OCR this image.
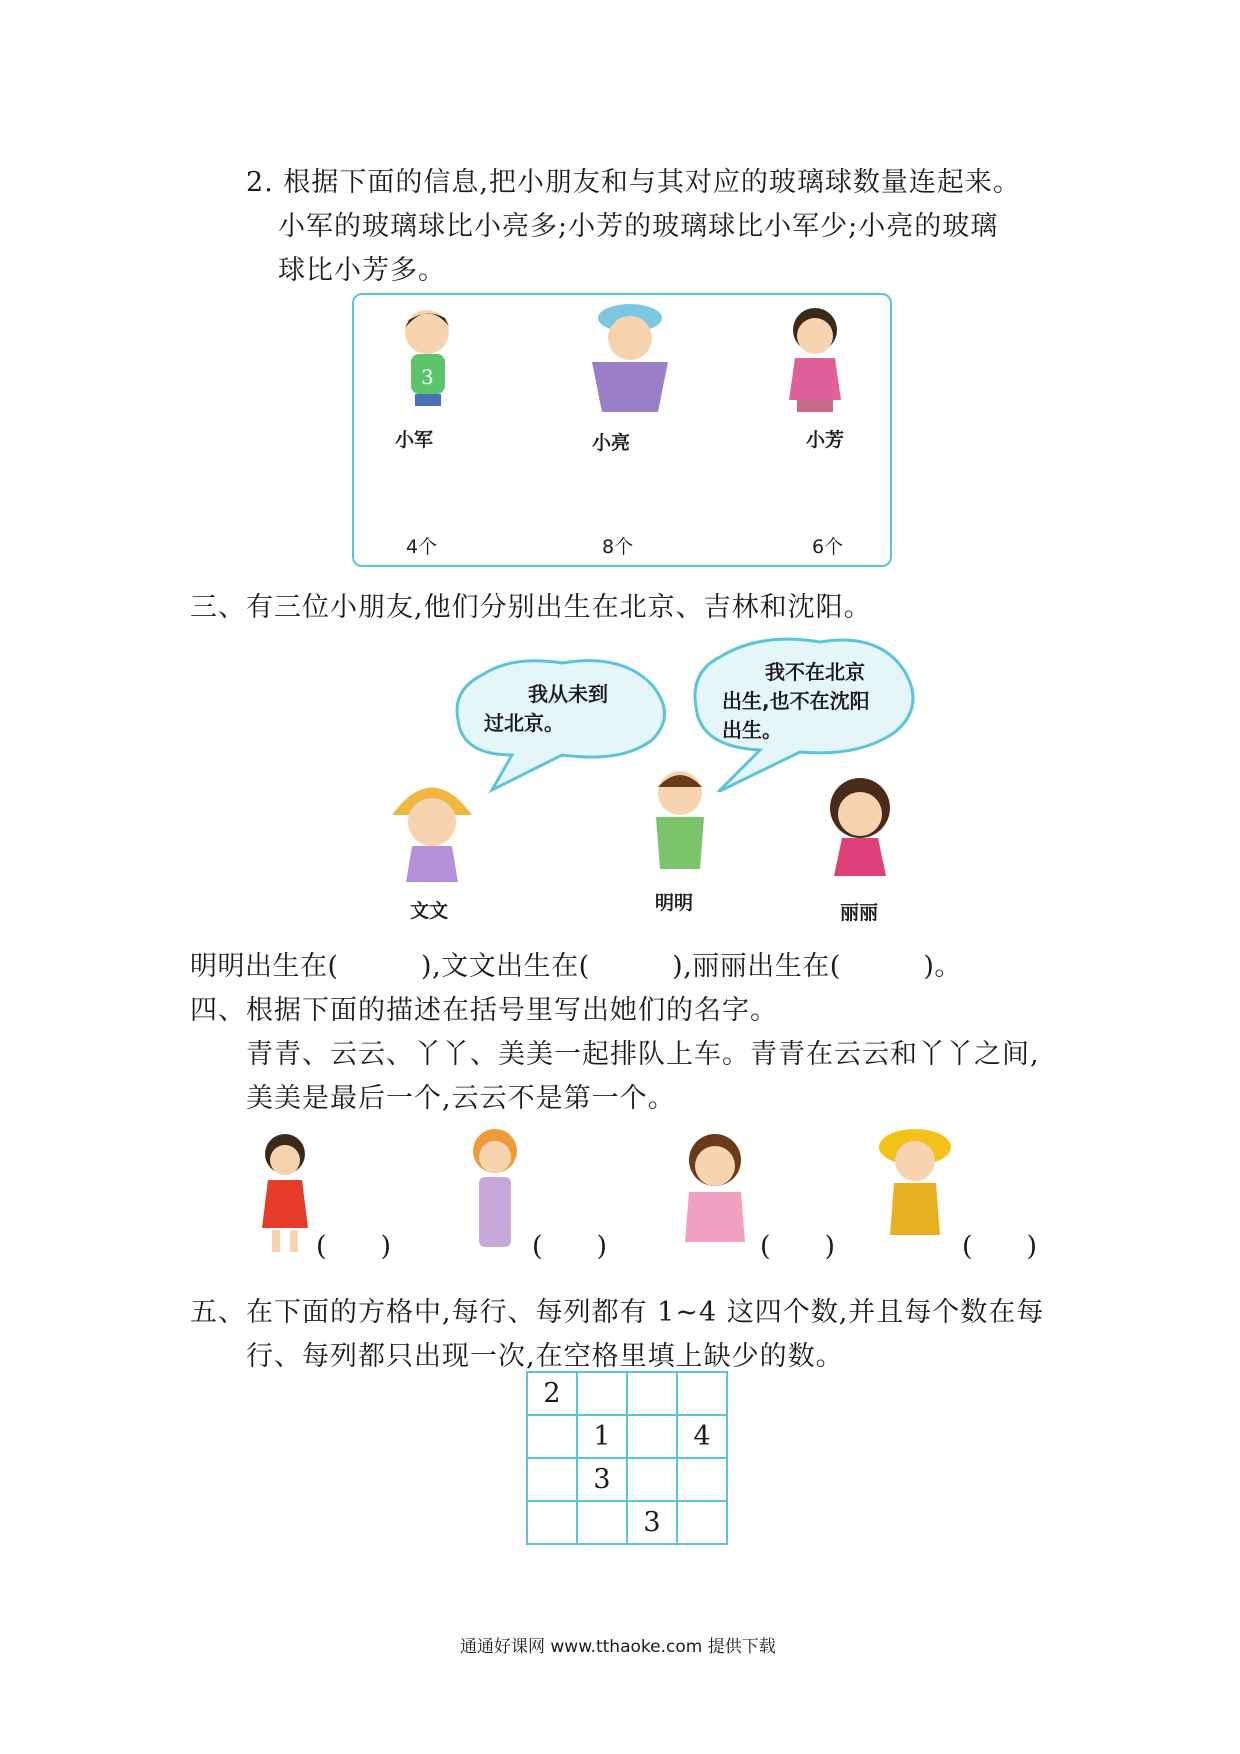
2. 根据下面的信息,把小朋友和与其对应的玻璃球数量连起来。
小军的玻璃球比小亮多;小芳的玻璃球比小军少;小亮的玻璃
球比小芳多。
3
小军	小亮	小芳
4个	8个	6个
三、有三位小朋友,他们分别出生在北京、吉林和沈阳。
我从未到
过北京。
我不在北京
出生,也不在沈阳
出生。
文文	明明	丽丽
明明出生在(　　　),文文出生在(　　　),丽丽出生在(　　　)。
四、根据下面的描述在括号里写出她们的名字。
青青、云云、丫丫、美美一起排队上车。青青在云云和丫丫之间,
美美是最后一个,云云不是第一个。
(　　)	(　　)	(　　)	(　　)
五、在下面的方格中,每行、每列都有 1~4 这四个数,并且每个数在每
行、每列都只出现一次,在空格里填上缺少的数。
2			
	1		4
	3		
		3	
通通好课网 www.tthaoke.com 提供下载
